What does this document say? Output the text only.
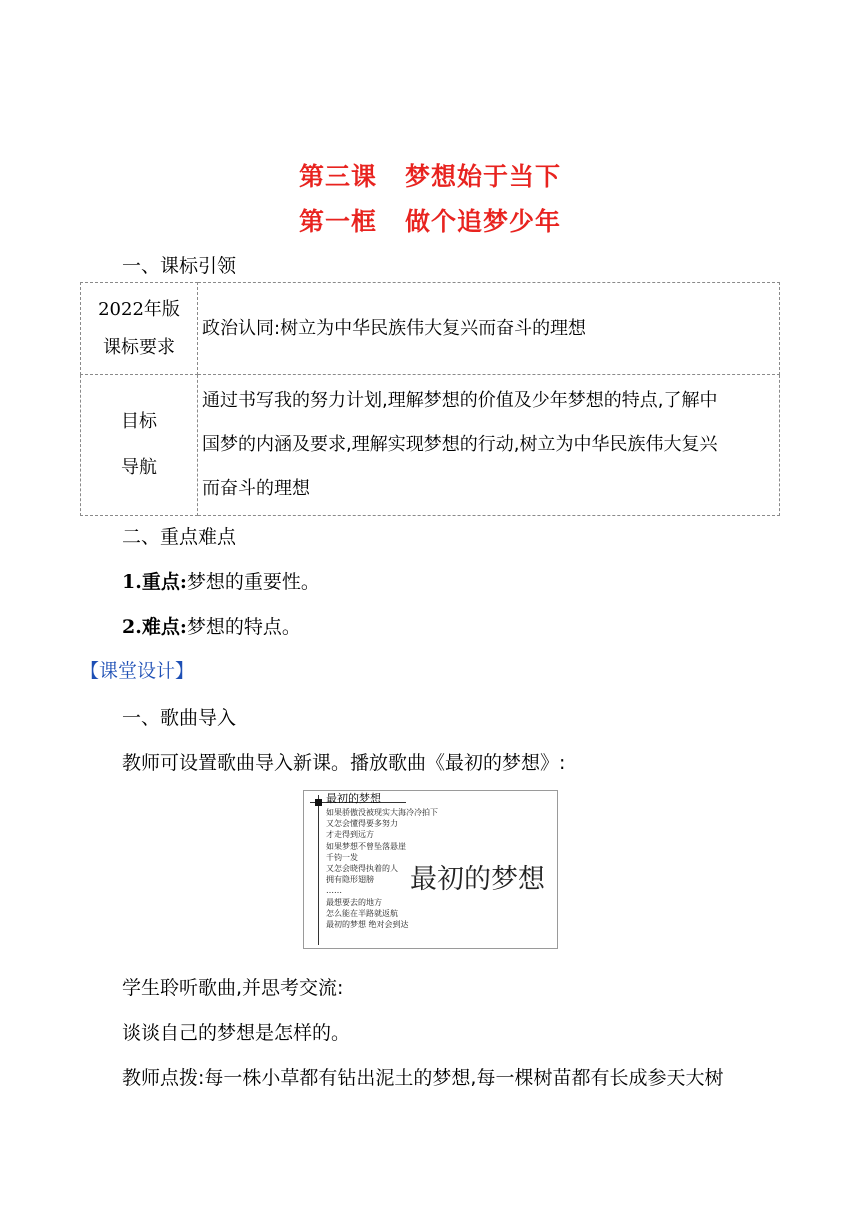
第三课 梦想始于当下
第一框 做个追梦少年
一、课标引领
2022年版
课标要求	政治认同:树立为中华民族伟大复兴而奋斗的理想
目标
导航	通过书写我的努力计划,理解梦想的价值及少年梦想的特点,了解中
国梦的内涵及要求,理解实现梦想的行动,树立为中华民族伟大复兴
而奋斗的理想
二、重点难点
1.重点:梦想的重要性。
2.难点:梦想的特点。
【课堂设计】
一、歌曲导入
教师可设置歌曲导入新课。播放歌曲《最初的梦想》:
最初的梦想
如果骄傲没被现实大海冷冷拍下
又怎会懂得要多努力
才走得到远方
如果梦想不曾坠落悬崖
千钧一发
又怎会晓得执着的人
拥有隐形翅膀
……
最想要去的地方
怎么能在半路就返航
最初的梦想 绝对会到达
最初的梦想
学生聆听歌曲,并思考交流:
谈谈自己的梦想是怎样的。
教师点拨:每一株小草都有钻出泥土的梦想,每一棵树苗都有长成参天大树
